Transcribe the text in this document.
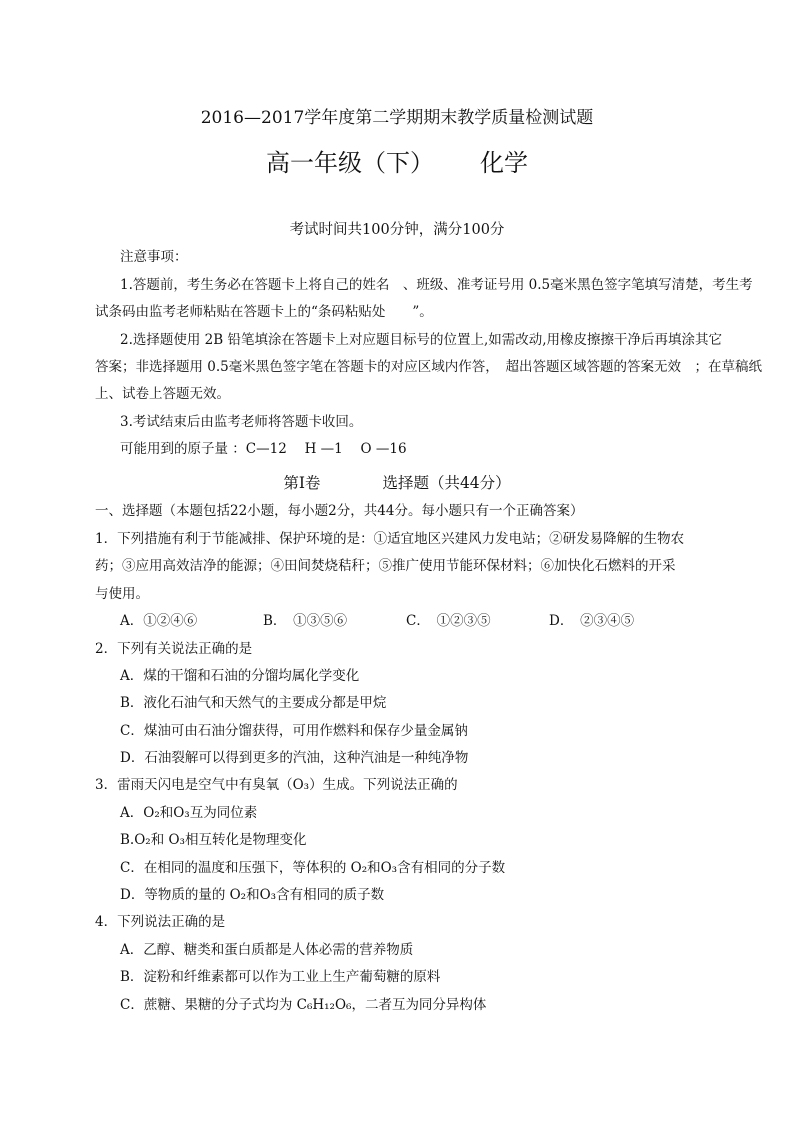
2016—2017学年度第二学期期末教学质量检测试题
高一年级（下） 化学
考试时间共100分钟，满分100分
注意事项：
1.答题前，考生务必在答题卡上将自己的姓名　、班级、准考证号用 0.5毫米黑色签字笔填写清楚，考生考
试条码由监考老师粘贴在答题卡上的“条码粘贴处　　”。
2.选择题使用 2B 铅笔填涂在答题卡上对应题目标号的位置上,如需改动,用橡皮擦擦干净后再填涂其它
答案；非选择题用 0.5毫米黑色签字笔在答题卡的对应区域内作答，　超出答题区域答题的答案无效　；在草稿纸
上、试卷上答题无效。
3.考试结束后由监考老师将答题卡收回。
可能用到的原子量 ：C—12　 H —1　 O —16
第Ⅰ卷	选择题（共44分）
一、选择题（本题包括22小题，每小题2分，共44分。每小题只有一个正确答案）
1．下列措施有利于节能减排、保护环境的是：①适宜地区兴建风力发电站；②研发易降解的生物农
药；③应用高效洁净的能源；④田间焚烧秸秆；⑤推广使用节能环保材料；⑥加快化石燃料的开采
与使用。
A．①②④⑥	B．　①③⑤⑥	C．　①②③⑤	D．　②③④⑤
2．下列有关说法正确的是
A．煤的干馏和石油的分馏均属化学变化
B．液化石油气和天然气的主要成分都是甲烷
C．煤油可由石油分馏获得，可用作燃料和保存少量金属钠
D．石油裂解可以得到更多的汽油，这种汽油是一种纯净物
3．雷雨天闪电是空气中有臭氧（O₃）生成。下列说法正确的
A．O₂和O₃互为同位素
B.O₂和 O₃相互转化是物理变化
C．在相同的温度和压强下，等体积的 O₂和O₃含有相同的分子数
D．等物质的量的 O₂和O₃含有相同的质子数
4．下列说法正确的是
A．乙醇、糖类和蛋白质都是人体必需的营养物质
B．淀粉和纤维素都可以作为工业上生产葡萄糖的原料
C．蔗糖、果糖的分子式均为 C₆H₁₂O₆，二者互为同分异构体
